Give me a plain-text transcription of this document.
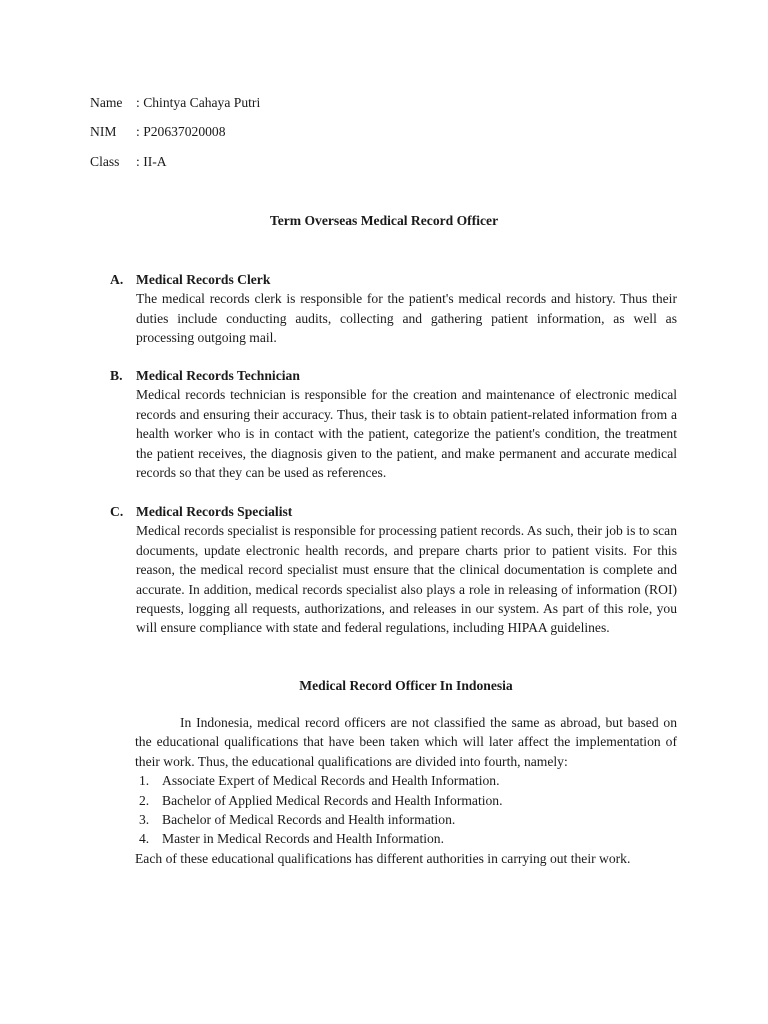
Name : Chintya Cahaya Putri
NIM : P20637020008
Class : II-A
Term Overseas Medical Record Officer
A. Medical Records Clerk
The medical records clerk is responsible for the patient's medical records and history. Thus their duties include conducting audits, collecting and gathering patient information, as well as processing outgoing mail.
B. Medical Records Technician
Medical records technician is responsible for the creation and maintenance of electronic medical records and ensuring their accuracy. Thus, their task is to obtain patient-related information from a health worker who is in contact with the patient, categorize the patient's condition, the treatment the patient receives, the diagnosis given to the patient, and make permanent and accurate medical records so that they can be used as references.
C. Medical Records Specialist
Medical records specialist is responsible for processing patient records. As such, their job is to scan documents, update electronic health records, and prepare charts prior to patient visits. For this reason, the medical record specialist must ensure that the clinical documentation is complete and accurate. In addition, medical records specialist also plays a role in releasing of information (ROI) requests, logging all requests, authorizations, and releases in our system. As part of this role, you will ensure compliance with state and federal regulations, including HIPAA guidelines.
Medical Record Officer In Indonesia
In Indonesia, medical record officers are not classified the same as abroad, but based on the educational qualifications that have been taken which will later affect the implementation of their work. Thus, the educational qualifications are divided into fourth, namely:
1. Associate Expert of Medical Records and Health Information.
2. Bachelor of Applied Medical Records and Health Information.
3. Bachelor of Medical Records and Health information.
4. Master in Medical Records and Health Information.
Each of these educational qualifications has different authorities in carrying out their work.
